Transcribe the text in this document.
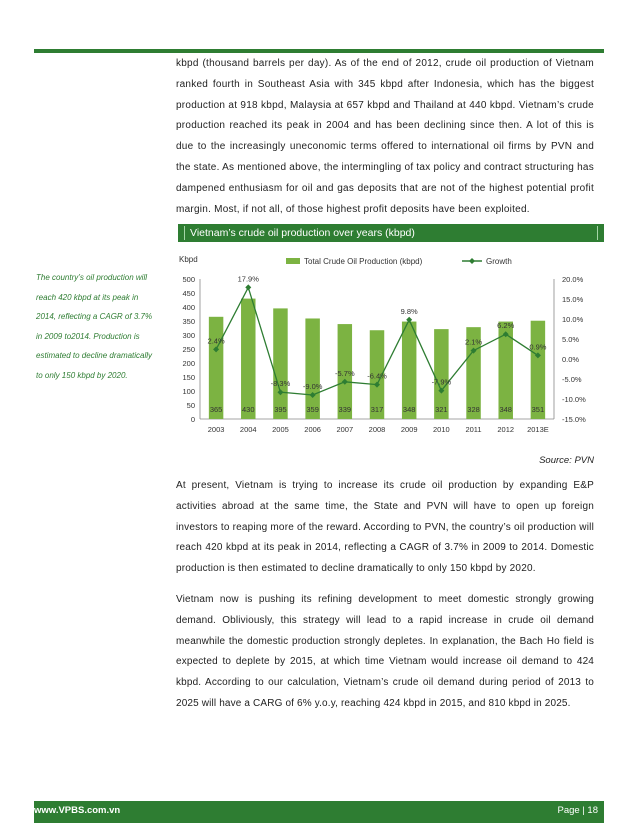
kbpd (thousand barrels per day). As of the end of 2012, crude oil production of Vietnam ranked fourth in Southeast Asia with 345 kbpd after Indonesia, which has the biggest production at 918 kbpd, Malaysia at 657 kbpd and Thailand at 440 kbpd. Vietnam’s crude production reached its peak in 2004 and has been declining since then. A lot of this is due to the increasingly uneconomic terms offered to international oil firms by PVN and the state. As mentioned above, the intermingling of tax policy and contract structuring has dampened enthusiasm for oil and gas deposits that are not of the highest potential profit margin. Most, if not all, of those highest profit deposits have been exploited.

The country’s oil production will reach 420 kbpd at its peak in 2014, reflecting a CAGR of 3.7% in 2009 to2014. Production is estimated to decline dramatically to only 150 kbpd by 2020.

Vietnam’s crude oil production over years (kbpd)
Kbpd	Total Crude Oil Production (kbpd)	Growth
0
50
100
150
200
250
300
350
400
450
500
-15.0%
-10.0%
-5.0%
0.0%
5.0%
10.0%
15.0%
20.0%
365	430	395	359	339	317	348	321	328	348	351
2003 2004 2005 2006 2007 2008 2009 2010 2011 2012 2013E
2.4%
17.9%
-8.3% -9.0%
-5.7% -6.4%
9.8%
-7.9%
2.1%
6.2%
0.9%
Source: PVN

At present, Vietnam is trying to increase its crude oil production by expanding E&P activities abroad at the same time, the State and PVN will have to open up foreign investors to reaping more of the reward. According to PVN, the country’s oil production will reach 420 kbpd at its peak in 2014, reflecting a CAGR of 3.7% in 2009 to 2014. Domestic production is then estimated to decline dramatically to only 150 kbpd by 2020.

Vietnam now is pushing its refining development to meet domestic strongly growing demand. Obliviously, this strategy will lead to a rapid increase in crude oil demand meanwhile the domestic production strongly depletes. In explanation, the Bach Ho field is expected to deplete by 2015, at which time Vietnam would increase oil demand to 424 kbpd. According to our calculation, Vietnam’s crude oil demand during period of 2013 to 2025 will have a CARG of 6% y.o.y, reaching 424 kbpd in 2015, and 810 kbpd in 2025.

www.VPBS.com.vn	Page | 18
